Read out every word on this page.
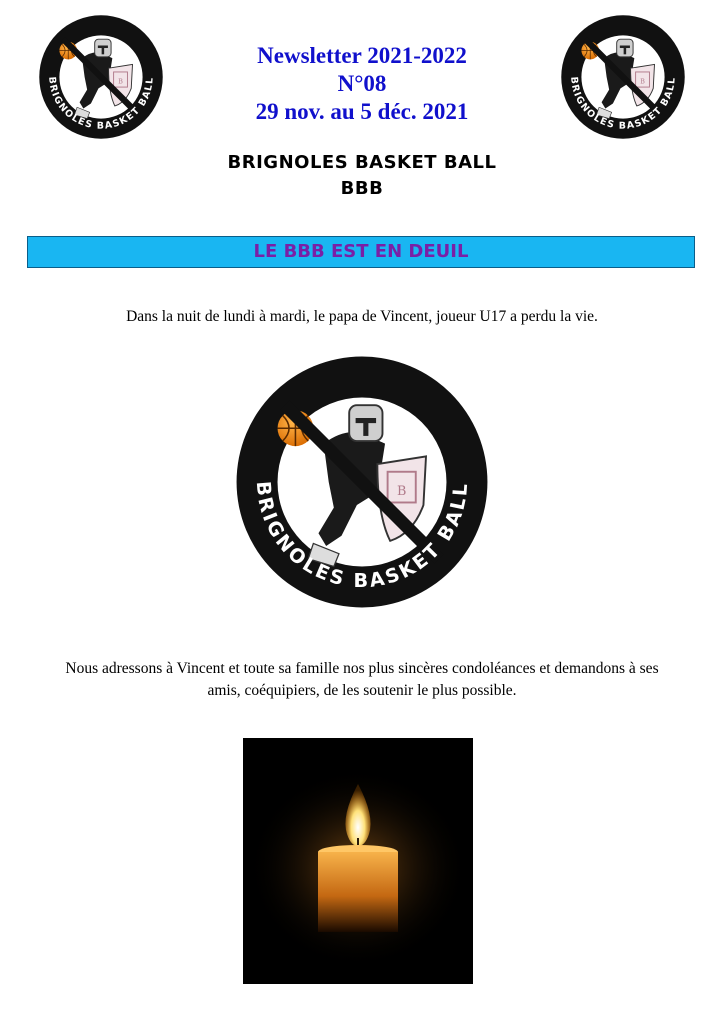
BRIGNOLES BASKET BALL	BRIGNOLES BASKET BALL
Newsletter 2021-2022
N°08
29 nov. au 5 déc. 2021
BRIGNOLES BASKET BALL
BBB
LE BBB EST EN DEUIL
Dans la nuit de lundi à mardi, le papa de Vincent, joueur U17 a perdu la vie.
BRIGNOLES BASKET BALL
Nous adressons à Vincent et toute sa famille nos plus sincères condoléances et demandons à ses
amis, coéquipiers, de les soutenir le plus possible.
